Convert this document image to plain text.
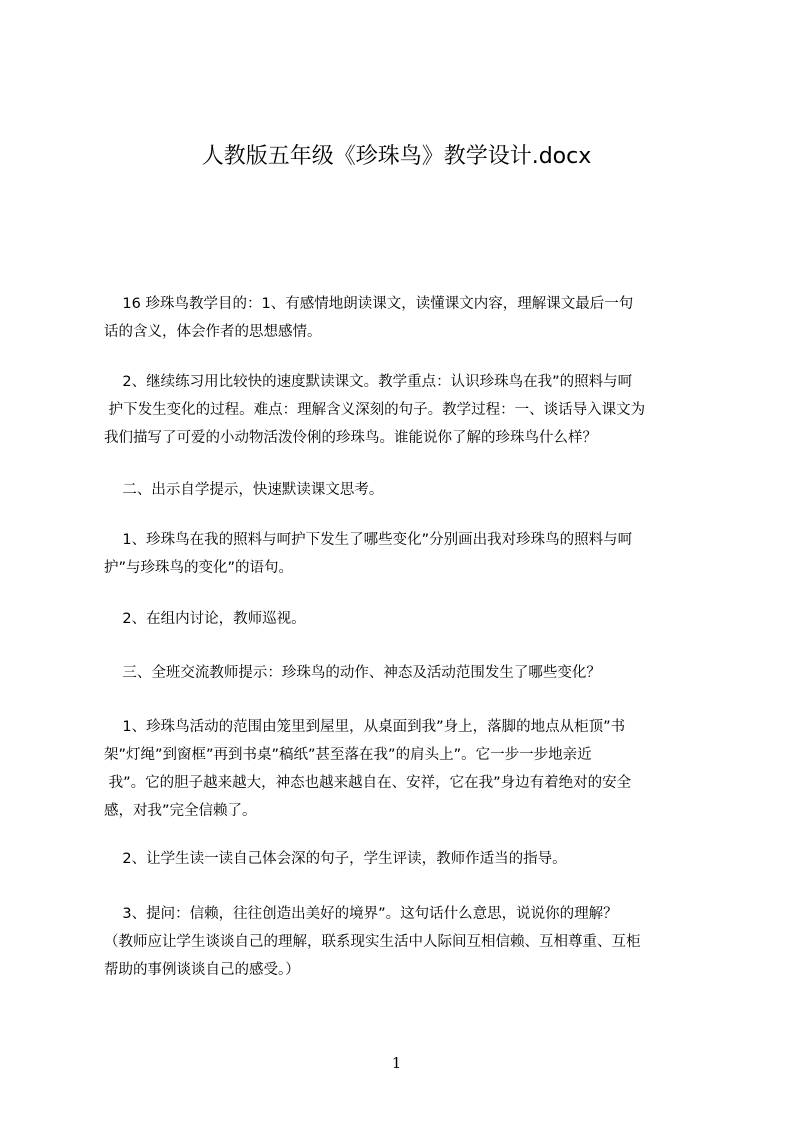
人教版五年级《珍珠鸟》教学设计.docx
16 珍珠鸟教学目的：1、有感情地朗读课文，读懂课文内容，理解课文最后一句
话的含义，体会作者的思想感情。
2、继续练习用比较快的速度默读课文。教学重点：认识珍珠鸟在我”的照料与呵
护下发生变化的过程。难点：理解含义深刻的句子。教学过程：一、谈话导入课文为
我们描写了可爱的小动物活泼伶俐的珍珠鸟。谁能说你了解的珍珠鸟什么样？
二、出示自学提示，快速默读课文思考。
1、珍珠鸟在我的照料与呵护下发生了哪些变化”分别画出我对珍珠鸟的照料与呵
护”与珍珠鸟的变化”的语句。
2、在组内讨论，教师巡视。
三、全班交流教师提示：珍珠鸟的动作、神态及活动范围发生了哪些变化？
1、珍珠鸟活动的范围由笼里到屋里，从桌面到我”身上，落脚的地点从柜顶”书
架”灯绳”到窗框”再到书桌”稿纸”甚至落在我”的肩头上”。它一步一步地亲近
我”。它的胆子越来越大，神态也越来越自在、安祥，它在我”身边有着绝对的安全
感，对我”完全信赖了。
2、让学生读一读自己体会深的句子，学生评读，教师作适当的指导。
3、提问：信赖，往往创造出美好的境界”。这句话什么意思，说说你的理解？
（教师应让学生谈谈自己的理解，联系现实生活中人际间互相信赖、互相尊重、互柜
帮助的事例谈谈自己的感受。）
1
